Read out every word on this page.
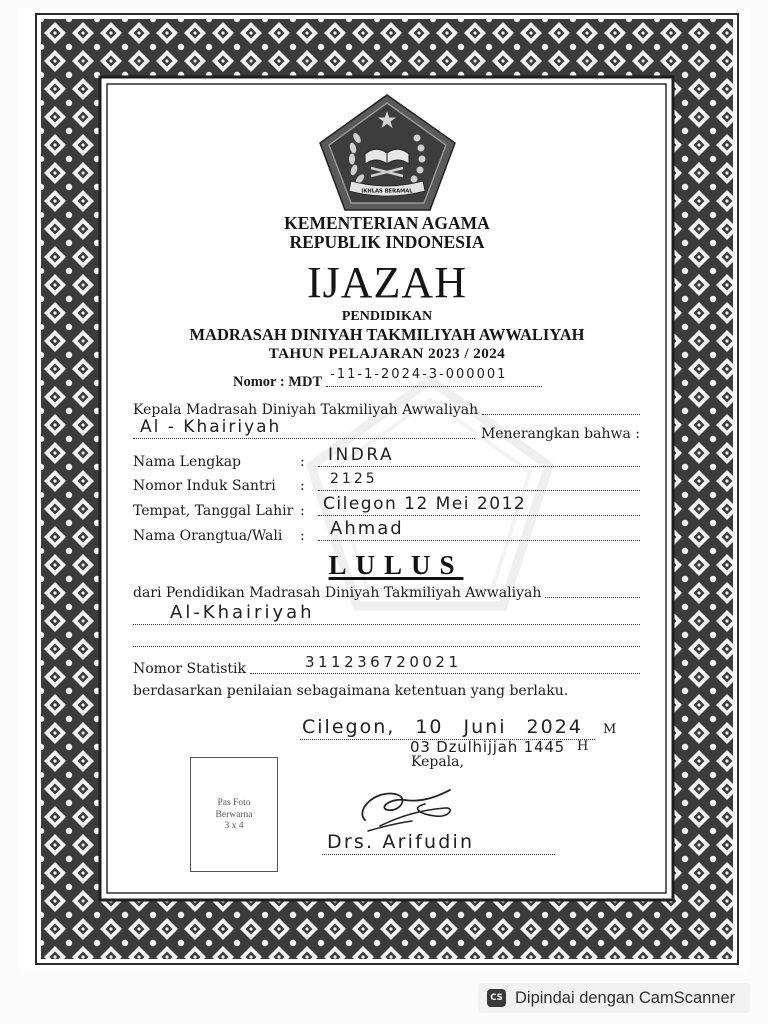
IKHLAS BERAMAL
KEMENTERIAN AGAMA
REPUBLIK INDONESIA
IJAZAH
PENDIDIKAN
MADRASAH DINIYAH TAKMILIYAH AWWALIYAH
TAHUN PELAJARAN 2023 / 2024
Nomor : MDT -11-1-2024-3-000001
Kepala Madrasah Diniyah Takmiliyah Awwaliyah
Al - Khairiyah	Menerangkan bahwa :
Nama Lengkap	:	INDRA
Nomor Induk Santri	:	2125
Tempat, Tanggal Lahir :	Cilegon 12 Mei 2012
Nama Orangtua/Wali	:	Ahmad
LULUS
dari Pendidikan Madrasah Diniyah Takmiliyah Awwaliyah
Al-Khairiyah
Nomor Statistik	311236720021
berdasarkan penilaian sebagaimana ketentuan yang berlaku.
Cilegon, 10 Juni 2024 M
03 Dzulhijjah 1445 H
Kepala,
Drs. Arifudin
Pas Foto
Berwarna
3 x 4
CS Dipindai dengan CamScanner
